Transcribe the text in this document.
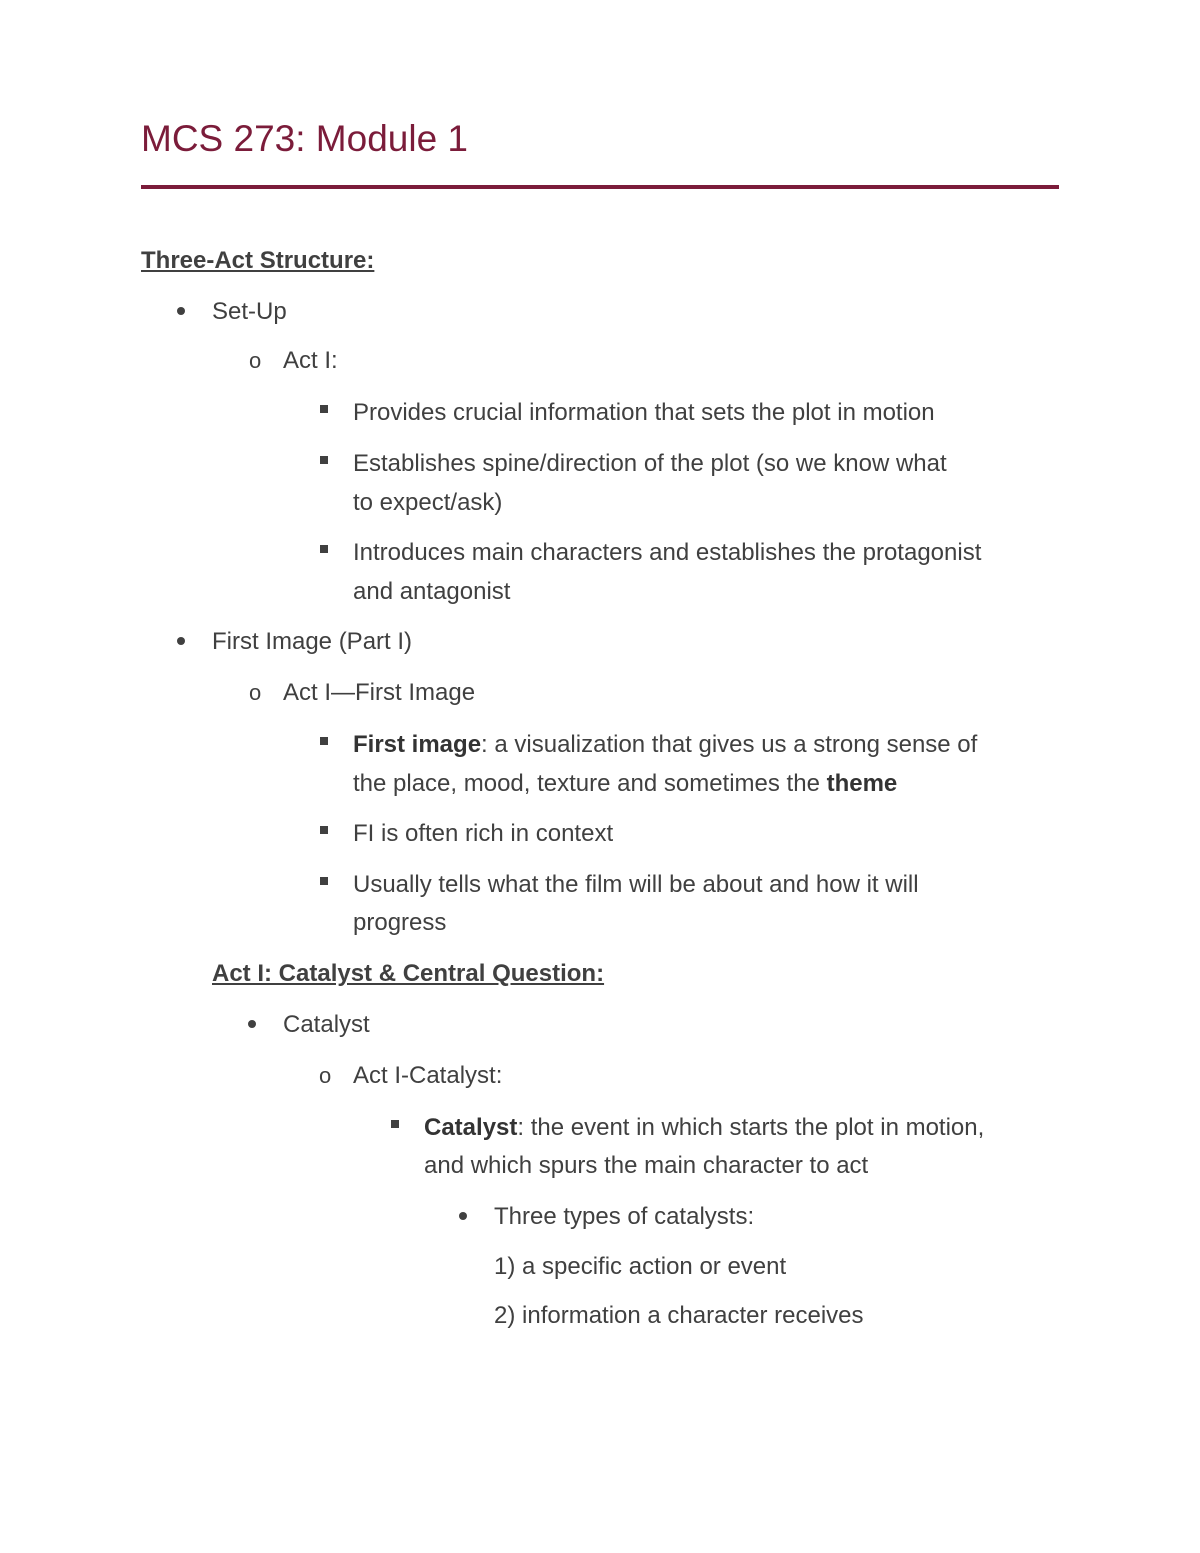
MCS 273: Module 1
Three-Act Structure:
Set-Up
o Act I:
Provides crucial information that sets the plot in motion
Establishes spine/direction of the plot (so we know what
to expect/ask)
Introduces main characters and establishes the protagonist
and antagonist
First Image (Part I)
o Act I—First Image
First image: a visualization that gives us a strong sense of
the place, mood, texture and sometimes the theme
FI is often rich in context
Usually tells what the film will be about and how it will
progress
Act I: Catalyst & Central Question:
Catalyst
o Act I-Catalyst:
Catalyst: the event in which starts the plot in motion,
and which spurs the main character to act
Three types of catalysts:
1) a specific action or event
2) information a character receives
